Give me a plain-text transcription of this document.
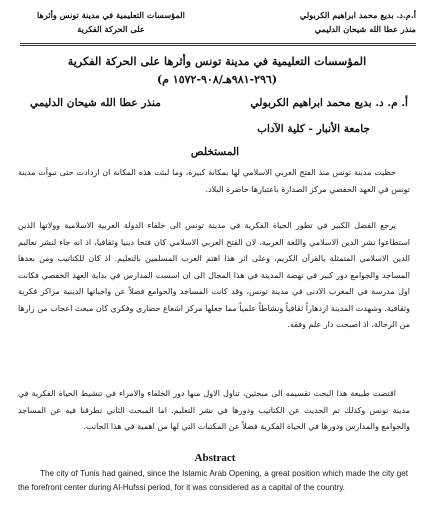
أ.م.د. بديع محمد ابراهيم الكربولي
منذر عطا الله شيحان الدليمي
المؤسسات التعليمية في مدينة تونس وأثرها
على الحركة الفكرية
المؤسسات التعليمية في مدينة تونس وأثرها على الحركة الفكرية
(٢٩٦-٩٨١هـ/٩٠٨-١٥٧٢ م)
أ. م. د. بديع محمد ابراهيم الكربولي
منذر عطا الله شيحان الدليمي
جامعة الأنبار - كلية الآداب
المستخلص

حظيت مدينة تونس منذ الفتح العربي الاسلامي لها بمكانة كبيرة، وما لبثت هذه المكانة ان ازدادت حتى تبوأت مدينة تونس في العهد الحفصي مركز الصدارة باعتبارها حاضرة البلاد.

يرجع الفضل الكبير في تطور الحياة الفكرية في مدينة تونس الى خلفاء الدولة العربية الاسلامية وولاتها الذين استطاعوا نشر الدين الاسلامي واللغة العربية، لان الفتح العربي الاسلامي كان فتحا دينيا وثقافيا، اذ انه جاء لنشر تعاليم الدين الاسلامي المتمثلة بالقرآن الكريم، وعلى اثر هذا اهتم العرب المسلمين بالتعليم. اذ كان للكتاتيب ومن بعدها المساجد والجوامع دور كبير في نهضة المدينة في هذا المجال الى ان اسست المدارس في بداية العهد الحفصي فكانت اول مدرسة في المغرب الادنى في مدينة تونس، وقد كانت المساجد والجوامع فضلاً عن واجباتها الدينية مراكز فكرية وثقافية. وشهدت المدينة ازدهاراً ثقافياً ونشاطاً علمياً مما جعلها مركز اشعاع حضاري وفكري كان مبعث اعجاب من زارها من الرحالة، اذ اصبحت دار علم وفقه.

اقتضت طبيعة هذا البحث تقسيمه الى مبحثين، تناول الاول منها دور الخلفاء والامراء في تنشيط الحياة الفكرية في مدينة تونس وكذلك تم الحديث عن الكتاتيب ودورها في نشر التعليم. اما المبحث الثاني تطرقنا فيه عن المساجد والجوامع والمدارس ودورها في الحياة الفكرية فضلاً عن المكتبات التي لها من اهمية في هذا الجانب.

Abstract

The city of Tunis had gained, since the Islamic Arab Opening, a great position which made the city get the forefront center during Al-Hufssi period, for it was considered as a capital of the country.
